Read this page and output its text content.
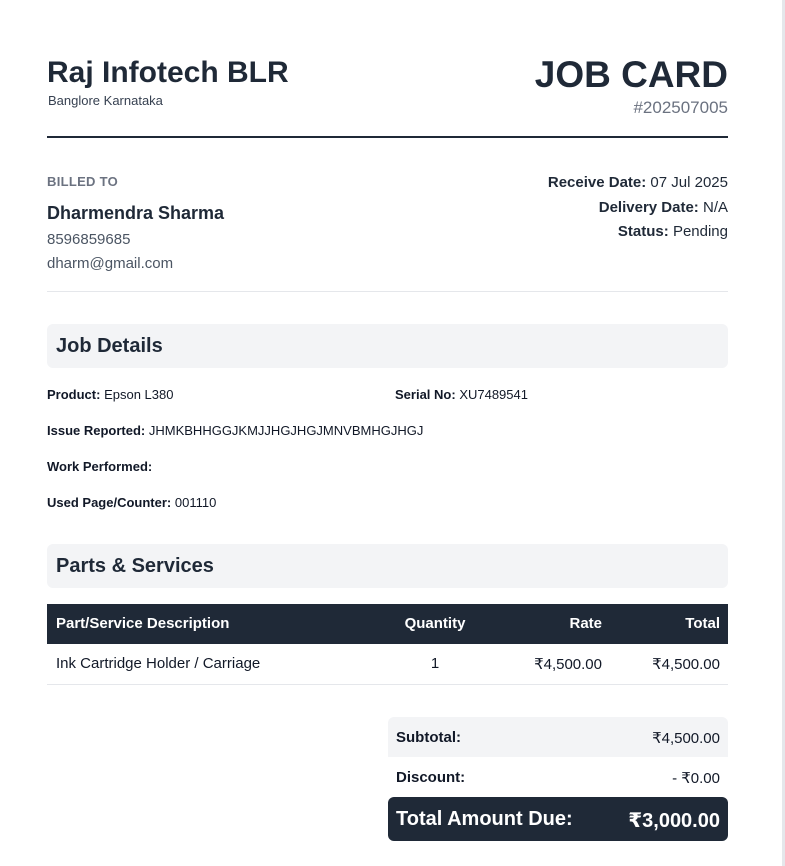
Raj Infotech BLR
Banglore Karnataka
JOB CARD
#202507005
BILLED TO
Dharmendra Sharma
8596859685
dharm@gmail.com
Receive Date: 07 Jul 2025
Delivery Date: N/A
Status: Pending
Job Details
Product: Epson L380	Serial No: XU7489541
Issue Reported: JHMKBHHGGJKMJJHGJHGJMNVBMHGJHGJ
Work Performed:
Used Page/Counter: 001110
Parts & Services
Part/Service Description	Quantity	Rate	Total
Ink Cartridge Holder / Carriage	1	₹4,500.00	₹4,500.00
Subtotal:	₹4,500.00
Discount:	- ₹0.00
Total Amount Due:	₹3,000.00
